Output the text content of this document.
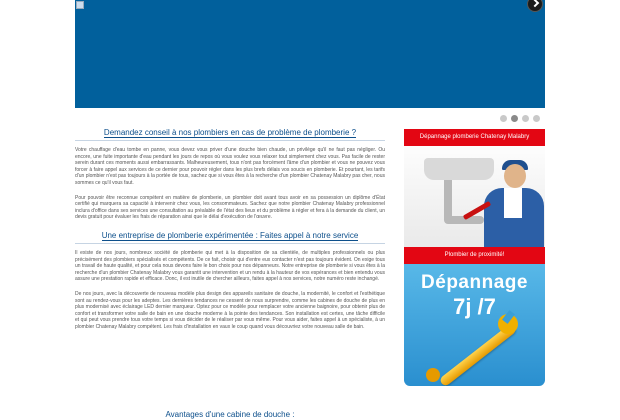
Demandez conseil à nos plombiers en cas de problème de plomberie ?

Votre chauffage d'eau tombe en panne, vous devez vous priver d'une douche bien chaude, un privilège qu'il ne faut pas négliger. Ou encore, une fuite importante d'eau pendant les jours de repos où vous voulez vous relaxer tout simplement chez vous. Pas facile de rester serein durant ces moments aussi embarrassants. Malheureusement, tous n'ont pas forcément l'âme d'un plombier et vous ne pouvez vous forcer à faire appel aux services de ce dernier pour pouvoir régler dans les plus brefs délais vos soucis en plomberie. Et pourtant, les tarifs d'un plombier n'est pas toujours à la portée de tous, sachez que si vous êtes à la recherche d'un plombier Chatenay Malabry pas cher, nous sommes ce qu'il vous faut.

Pour pouvoir être reconnue compétent en matière de plomberie, un plombier doit avant tous avoir en sa possession un diplôme d'État certifié qui marquera sa capacité à intervenir chez vous, les consommateurs. Sachez que notre plombier Chatenay Malabry professionnel inclura d'office dans ses services une consultation au préalable de l'état des lieux et du problème à régler et fera à la demande du client, un devis gratuit pour évaluer les frais de réparation ainsi que le délai d'exécution de l'œuvre.

Une entreprise de plomberie expérimentée : Faites appel à notre service

Il existe de nos jours, nombreux société de plomberie qui met à la disposition de sa clientèle, de multiples professionnels ou plus précisément des plombiers spécialisés et compétents. De ce fait, choisir qui d'entre eux contacter n'est pas toujours évident. On exige tous un travail de haute qualité, et pour cela nous devons faire le bon choix pour nos dépanneurs. Notre entreprise de plomberie si vous êtes à la recherche d'un plombier Chatenay Malabry vous garantit une intervention et un rendu à la hauteur de vos espérances et bien entendu vous assure une prestation rapide et efficace. Donc, il est inutile de chercher ailleurs, faites appel à nos services, notre numéro reste inchangé.

De nos jours, avec la découverte de nouveau modèle plus design des appareils sanitaire de douche, la modernité, le confort et l'esthétique sont au rendez-vous pour les adeptes. Les dernières tendances ne cessent de nous surprendre, comme les cabines de douche de plus en plus modernisé avec éclairage LED dernier marqueur. Optez pour ce modèle pour remplacer votre ancienne baignoire, pour obtenir plus de confort et transformer votre salle de bain en une douche moderne à la pointe des tendances. Son installation est certes, une tâche difficile et qui peut vous prendre tous votre temps si vous décider de le réaliser par vous même. Pour vous aider, faites appel à un spécialiste, à un plombier Chatenay Malabry compétent. Les frais d'installation en vaux le coup quand vous découvriez votre nouveau salle de bain.

Avantages d'une cabine de douche :
Dépannage plomberie Chatenay Malabry
Plombier de proximité!
Dépannage
7j /7
